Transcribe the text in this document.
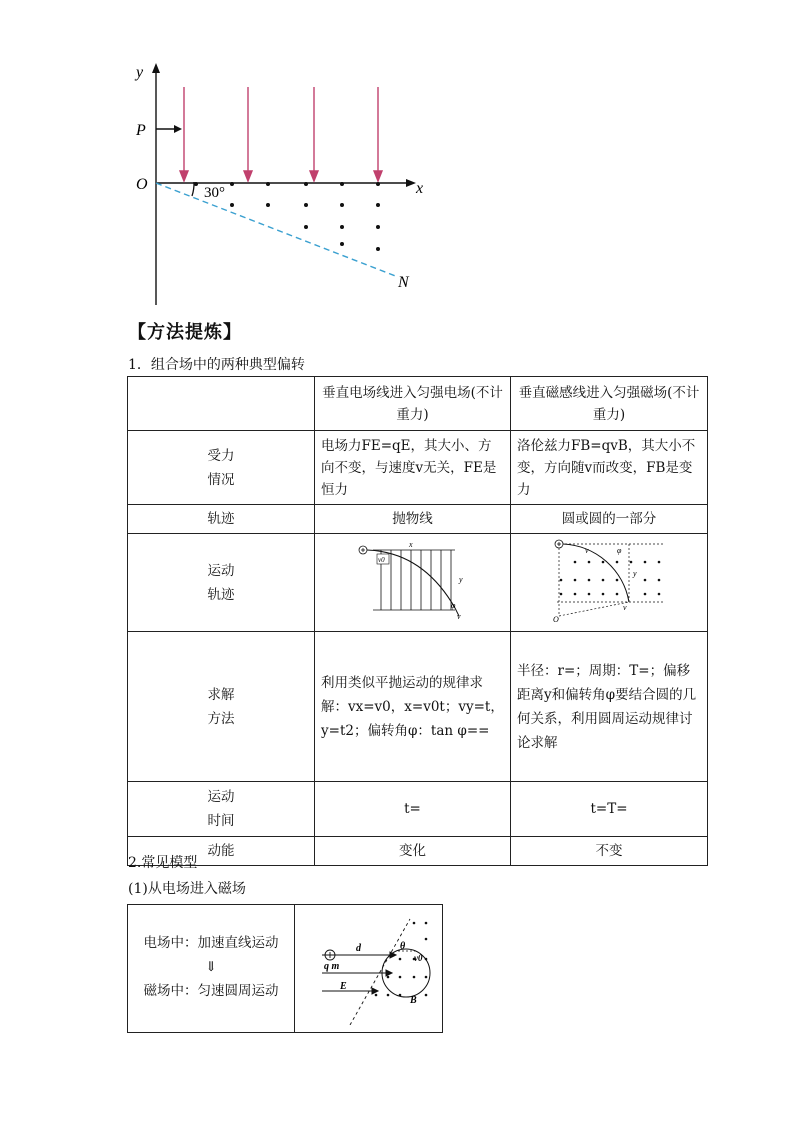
y
x
P
O
N
30°
【方法提炼】
1．组合场中的两种典型偏转
	垂直电场线进入匀强电场(不计重力)	垂直磁感线进入匀强磁场(不计重力)
受力情况	电场力FE=qE，其大小、方向不变，与速度v无关，FE是恒力	洛伦兹力FB=qvB，其大小不变，方向随v而改变，FB是变力
轨迹	抛物线	圆或圆的一部分
运动轨迹	v0
x
y
φ
v	v φ
y
v
O

求解方法	利用类似平抛运动的规律求解：vx=v0，x=v0t；vy=t，y=t2；偏转角φ：tan φ==	半径：r=；周期：T=；偏移距离y和偏转角φ要结合圆的几何关系，利用圆周运动规律讨论求解
运动时间	t=	t=T=
动能	变化	不变
2.常见模型
(1)从电场进入磁场
电场中：加速直线运动
⇓
磁场中：匀速圆周运动
d	θ
v0
q m
E
B
